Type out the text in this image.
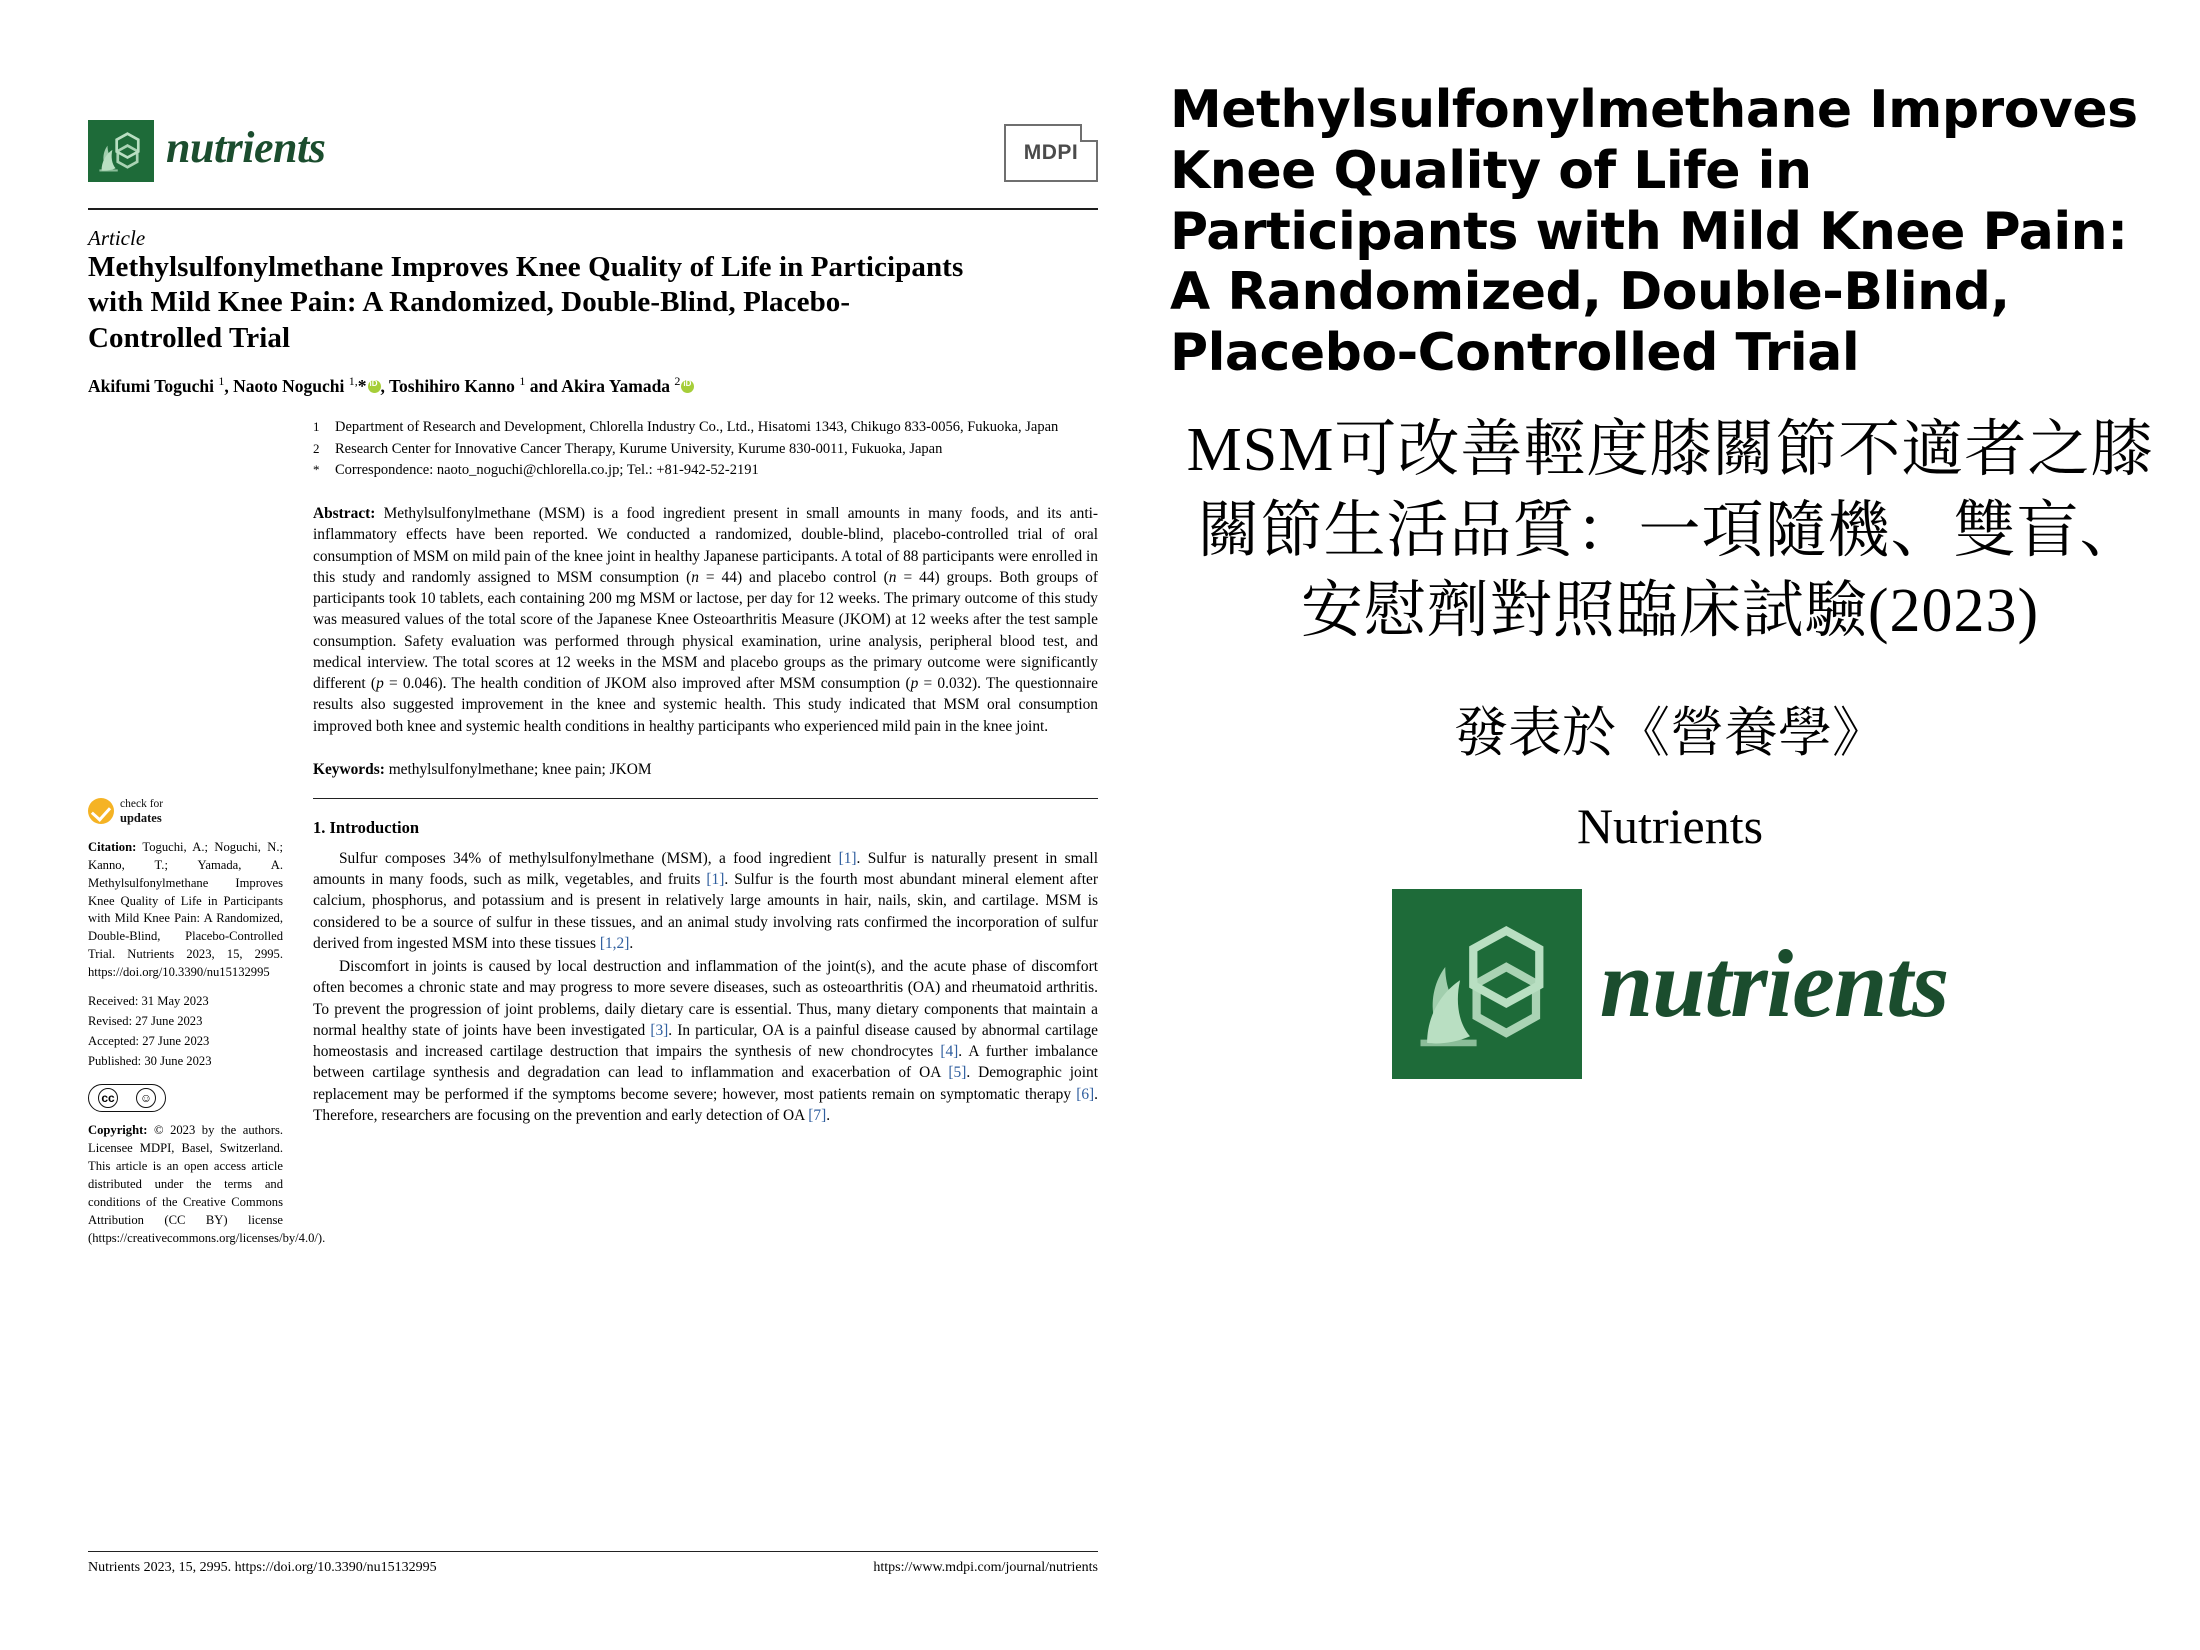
nutrients	MDPI
Article
Methylsulfonylmethane Improves Knee Quality of Life in Participants with Mild Knee Pain: A Randomized, Double-Blind, Placebo-Controlled Trial
Akifumi Toguchi $^1$, Naoto Noguchi $^{1,}$* iD , Toshihiro Kanno $^1$ and Akira Yamada $^2$iD
1	Department of Research and Development, Chlorella Industry Co., Ltd., Hisatomi 1343, Chikugo 833-0056, Fukuoka, Japan
2	Research Center for Innovative Cancer Therapy, Kurume University, Kurume 830-0011, Fukuoka, Japan
*	Correspondence: naoto_noguchi@chlorella.co.jp; Tel.: +81-942-52-2191
Abstract: Methylsulfonylmethane (MSM) is a food ingredient present in small amounts in many foods, and its anti-inflammatory effects have been reported. We conducted a randomized, double-blind, placebo-controlled trial of oral consumption of MSM on mild pain of the knee joint in healthy Japanese participants. A total of 88 participants were enrolled in this study and randomly assigned to MSM consumption (n = 44) and placebo control (n = 44) groups. Both groups of participants took 10 tablets, each containing 200 mg MSM or lactose, per day for 12 weeks. The primary outcome of this study was measured values of the total score of the Japanese Knee Osteoarthritis Measure (JKOM) at 12 weeks after the test sample consumption. Safety evaluation was performed through physical examination, urine analysis, peripheral blood test, and medical interview. The total scores at 12 weeks in the MSM and placebo groups as the primary outcome were significantly different (p = 0.046). The health condition of JKOM also improved after MSM consumption (p = 0.032). The questionnaire results also suggested improvement in the knee and systemic health. This study indicated that MSM oral consumption improved both knee and systemic health conditions in healthy participants who experienced mild pain in the knee joint.
Keywords: methylsulfonylmethane; knee pain; JKOM
1. Introduction
Sulfur composes 34% of methylsulfonylmethane (MSM), a food ingredient [1]. Sulfur is naturally present in small amounts in many foods, such as milk, vegetables, and fruits [1]. Sulfur is the fourth most abundant mineral element after calcium, phosphorus, and potassium and is present in relatively large amounts in hair, nails, skin, and cartilage. MSM is considered to be a source of sulfur in these tissues, and an animal study involving rats confirmed the incorporation of sulfur derived from ingested MSM into these tissues [1,2].
Discomfort in joints is caused by local destruction and inflammation of the joint(s), and the acute phase of discomfort often becomes a chronic state and may progress to more severe diseases, such as osteoarthritis (OA) and rheumatoid arthritis. To prevent the progression of joint problems, daily dietary care is essential. Thus, many dietary components that maintain a normal healthy state of joints have been investigated [3]. In particular, OA is a painful disease caused by abnormal cartilage homeostasis and increased cartilage destruction that impairs the synthesis of new chondrocytes [4]. A further imbalance between cartilage synthesis and degradation can lead to inflammation and exacerbation of OA [5]. Demographic joint replacement may be performed if the symptoms become severe; however, most patients remain on symptomatic therapy [6]. Therefore, researchers are focusing on the prevention and early detection of OA [7].
check for
updates

Citation: Toguchi, A.; Noguchi, N.; Kanno, T.; Yamada, A. Methylsulfonylmethane Improves Knee Quality of Life in Participants with Mild Knee Pain: A Randomized, Double-Blind, Placebo-Controlled Trial. Nutrients 2023, 15, 2995. https://doi.org/10.3390/nu15132995

Received: 31 May 2023

Revised: 27 June 2023

Accepted: 27 June 2023

Published: 30 June 2023

cc	☺

Copyright: © 2023 by the authors. Licensee MDPI, Basel, Switzerland. This article is an open access article distributed under the terms and conditions of the Creative Commons Attribution (CC BY) license (https://creativecommons.org/licenses/by/4.0/).

Nutrients 2023, 15, 2995. https://doi.org/10.3390/nu15132995	https://www.mdpi.com/journal/nutrients
Methylsulfonylmethane Improves Knee Quality of Life in Participants with Mild Knee Pain: A Randomized, Double-Blind, Placebo-Controlled Trial
MSM可改善輕度膝關節不適者之膝關節生活品質：一項隨機、雙盲、安慰劑對照臨床試驗(2023)
發表於《營養學》
Nutrients
nutrients
